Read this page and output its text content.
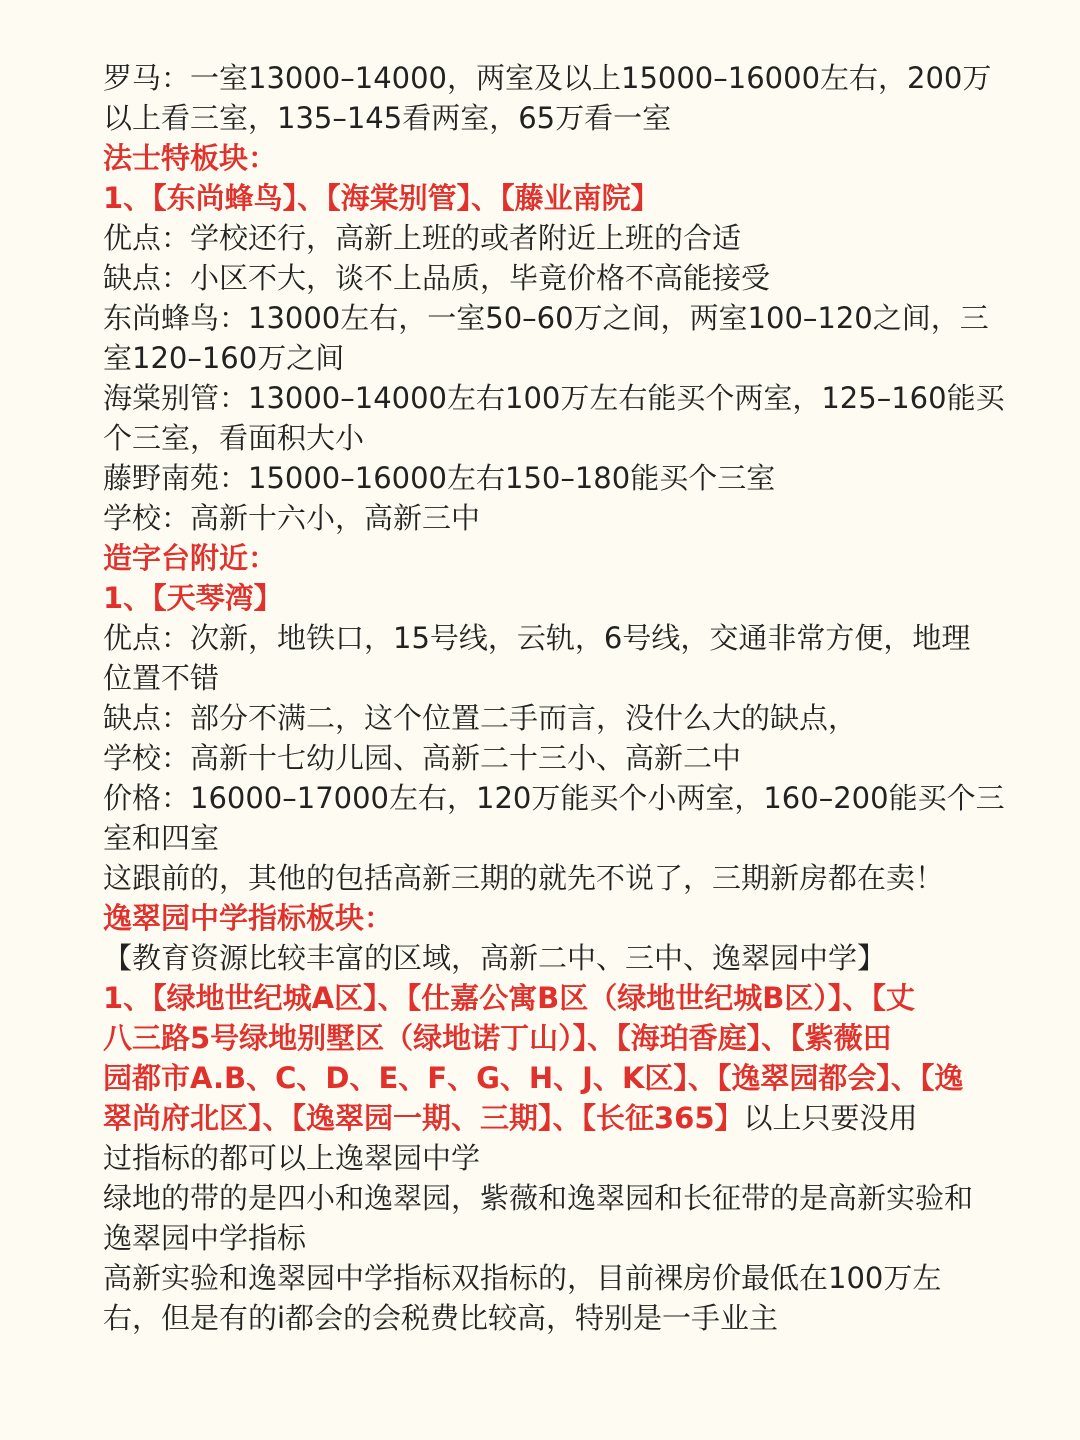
罗马：一室13000–14000，两室及以上15000–16000左右，200万
以上看三室，135–145看两室，65万看一室
法士特板块：
1、【东尚蜂鸟】、【海棠别管】、【藤业南院】
优点：学校还行，高新上班的或者附近上班的合适
缺点：小区不大，谈不上品质，毕竟价格不高能接受
东尚蜂鸟：13000左右，一室50–60万之间，两室100–120之间，三
室120–160万之间
海棠别管：13000–14000左右100万左右能买个两室，125–160能买
个三室，看面积大小
藤野南苑：15000–16000左右150–180能买个三室
学校：高新十六小，高新三中
造字台附近：
1、【天琴湾】
优点：次新，地铁口，15号线，云轨，6号线，交通非常方便，地理
位置不错
缺点：部分不满二，这个位置二手而言，没什么大的缺点，
学校：高新十七幼儿园、高新二十三小、高新二中
价格：16000–17000左右，120万能买个小两室，160–200能买个三
室和四室
这跟前的，其他的包括高新三期的就先不说了，三期新房都在卖！
逸翠园中学指标板块：
【教育资源比较丰富的区域，高新二中、三中、逸翠园中学】
1、【绿地世纪城A区】、【仕嘉公寓B区（绿地世纪城B区）】、【丈
八三路5号绿地别墅区（绿地诺丁山）】、【海珀香庭】、【紫薇田
园都市A.B、C、D、E、F、G、H、J、K区】、【逸翠园都会】、【逸
翠尚府北区】、【逸翠园一期、三期】、【长征365】以上只要没用
过指标的都可以上逸翠园中学
绿地的带的是四小和逸翠园，紫薇和逸翠园和长征带的是高新实验和
逸翠园中学指标
高新实验和逸翠园中学指标双指标的，目前裸房价最低在100万左
右，但是有的i都会的会税费比较高，特别是一手业主
